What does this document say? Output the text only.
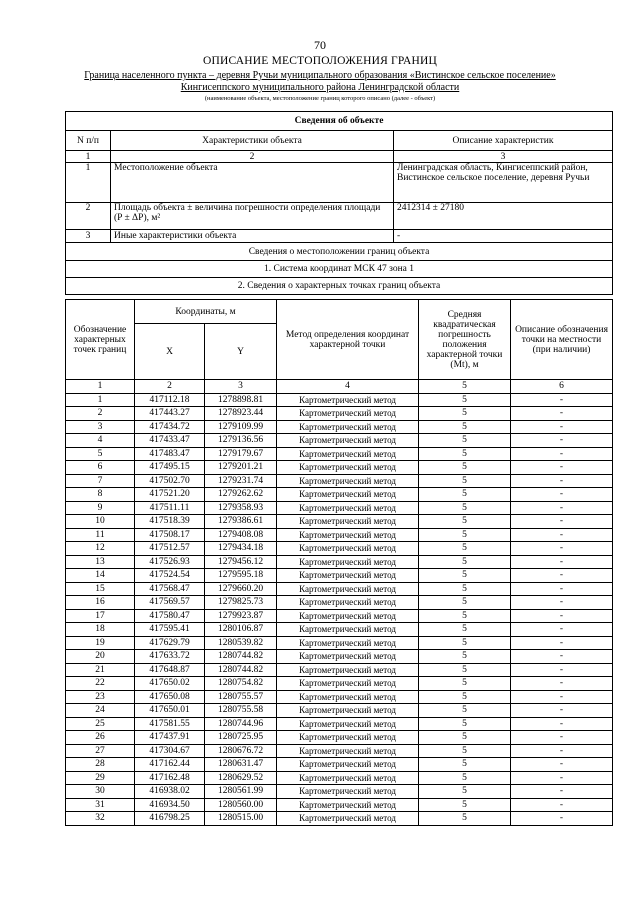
70
ОПИСАНИЕ МЕСТОПОЛОЖЕНИЯ ГРАНИЦ
Граница населенного пункта – деревня Ручьи муниципального образования «Вистинское сельское поселение»
Кингисеппского муниципального района Ленинградской области
(наименование объекта, местоположение границ которого описано (далее - объект)
Сведения об объекте		
N п/п	Характеристики объекта	Описание характеристик
1	2	3
1	Местоположение объекта	Ленинградская область, Кингисеппский район, Вистинское сельское поселение, деревня Ручьи
2	Площадь объекта ± величина погрешности определения площади (P ± ΔP), м²	2412314 ± 27180
3	Иные характеристики объекта	-
Сведения о местоположении границ объекта		
1. Система координат МСК 47 зона 1		
2. Сведения о характерных точках границ объекта		
Обозначение характерных точек границ	Координаты, м		Метод определения координат характерной точки	Средняя квадратическая погрешность положения характерной точки (Mt), м	Описание обозначения точки на местности (при наличии)
	X	Y			
1	2	3	4	5	6
1	417112.18	1278898.81	Картометрический метод	5	-
2	417443.27	1278923.44	Картометрический метод	5	-
3	417434.72	1279109.99	Картометрический метод	5	-
4	417433.47	1279136.56	Картометрический метод	5	-
5	417483.47	1279179.67	Картометрический метод	5	-
6	417495.15	1279201.21	Картометрический метод	5	-
7	417502.70	1279231.74	Картометрический метод	5	-
8	417521.20	1279262.62	Картометрический метод	5	-
9	417511.11	1279358.93	Картометрический метод	5	-
10	417518.39	1279386.61	Картометрический метод	5	-
11	417508.17	1279408.08	Картометрический метод	5	-
12	417512.57	1279434.18	Картометрический метод	5	-
13	417526.93	1279456.12	Картометрический метод	5	-
14	417524.54	1279595.18	Картометрический метод	5	-
15	417568.47	1279660.20	Картометрический метод	5	-
16	417569.57	1279825.73	Картометрический метод	5	-
17	417580.47	1279923.87	Картометрический метод	5	-
18	417595.41	1280106.87	Картометрический метод	5	-
19	417629.79	1280539.82	Картометрический метод	5	-
20	417633.72	1280744.82	Картометрический метод	5	-
21	417648.87	1280744.82	Картометрический метод	5	-
22	417650.02	1280754.82	Картометрический метод	5	-
23	417650.08	1280755.57	Картометрический метод	5	-
24	417650.01	1280755.58	Картометрический метод	5	-
25	417581.55	1280744.96	Картометрический метод	5	-
26	417437.91	1280725.95	Картометрический метод	5	-
27	417304.67	1280676.72	Картометрический метод	5	-
28	417162.44	1280631.47	Картометрический метод	5	-
29	417162.48	1280629.52	Картометрический метод	5	-
30	416938.02	1280561.99	Картометрический метод	5	-
31	416934.50	1280560.00	Картометрический метод	5	-
32	416798.25	1280515.00	Картометрический метод	5	-
